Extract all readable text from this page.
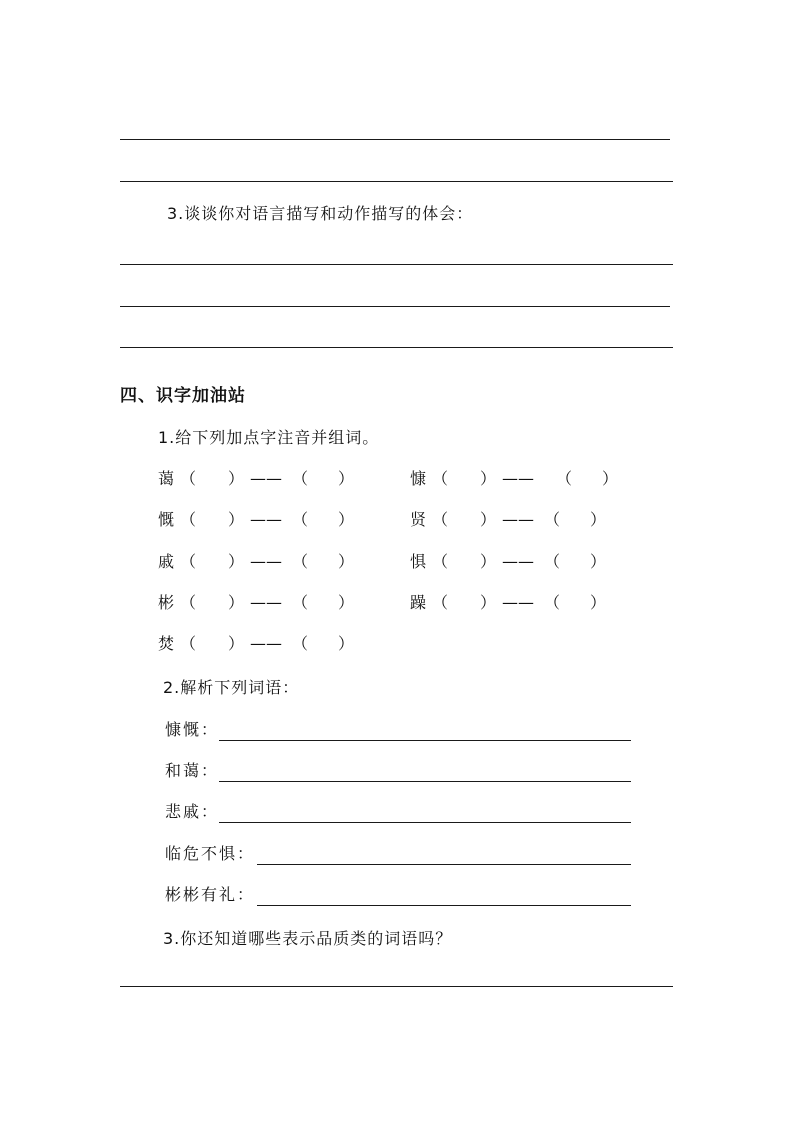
3.谈谈你对语言描写和动作描写的体会：
四、识字加油站
1.给下列加点字注音并组词。
蔼 （ ） —— （ ）
慨 （ ） —— （ ）
戚 （ ） —— （ ）
彬 （ ） —— （ ）
焚 （ ） —— （ ）
慷 （ ） —— （ ）
贤 （ ） —— （ ）
惧 （ ） —— （ ）
躁 （ ） —— （ ）
2.解析下列词语：
慷慨：
和蔼：
悲戚：
临危不惧：
彬彬有礼：
3.你还知道哪些表示品质类的词语吗？
